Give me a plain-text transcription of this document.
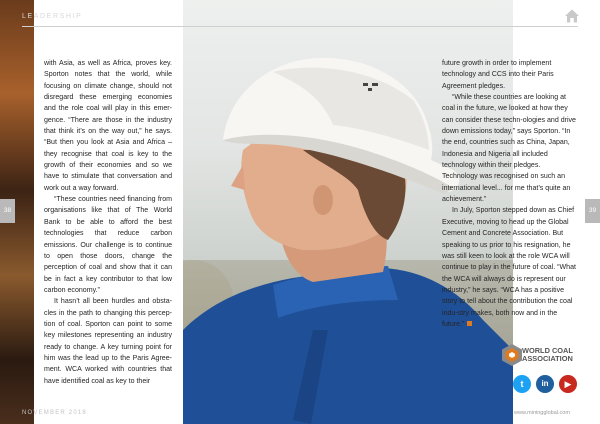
LEADERSHIP

with Asia, as well as Africa, proves key. Sporton notes that the world, while focusing on climate change, should not disregard these emerging economies and the role coal will play in this emer-gence. “There are those in the industry that think it’s on the way out,” he says. “But then you look at Asia and Africa – they recognise that coal is key to the growth of their economies and so we have to stimulate that conversation and work out a way forward.

“These countries need financing from organisations like that of The World Bank to be able to afford the best technologies that reduce carbon emissions. Our challenge is to continue to open those doors, change the perception of coal and show that it can be in fact a key contributor to that low carbon economy.”

It hasn’t all been hurdles and obsta-cles in the path to changing this percep-tion of coal. Sporton can point to some key milestones representing an industry ready to change. A key turning point for him was the lead up to the Paris Agree-ment. WCA worked with countries that have identified coal as key to their

future growth in order to implement technology and CCS into their Paris Agreement pledges.

“While these countries are looking at coal in the future, we looked at how they can consider these techn-ologies and drive down emissions today,” says Sporton. “In the end, countries such as China, Japan, Indonesia and Nigeria all included technology within their pledges. Technology was recognised on such an international level... for me that’s quite an achievement.”

In July, Sporton stepped down as Chief Executive, moving to head up the Global Cement and Concrete Association. But speaking to us prior to his resignation, he was still keen to look at the role WCA will continue to play in the future of coal. “What the WCA will always do is represent our industry,” he says. “WCA has a positive story to tell about the contribution the coal indu-stry makes, both now and in the future.”

38	39
WORLD COAL
ASSOCIATION
t	in	▶
NOVEMBER 2018	www.miningglobal.com
